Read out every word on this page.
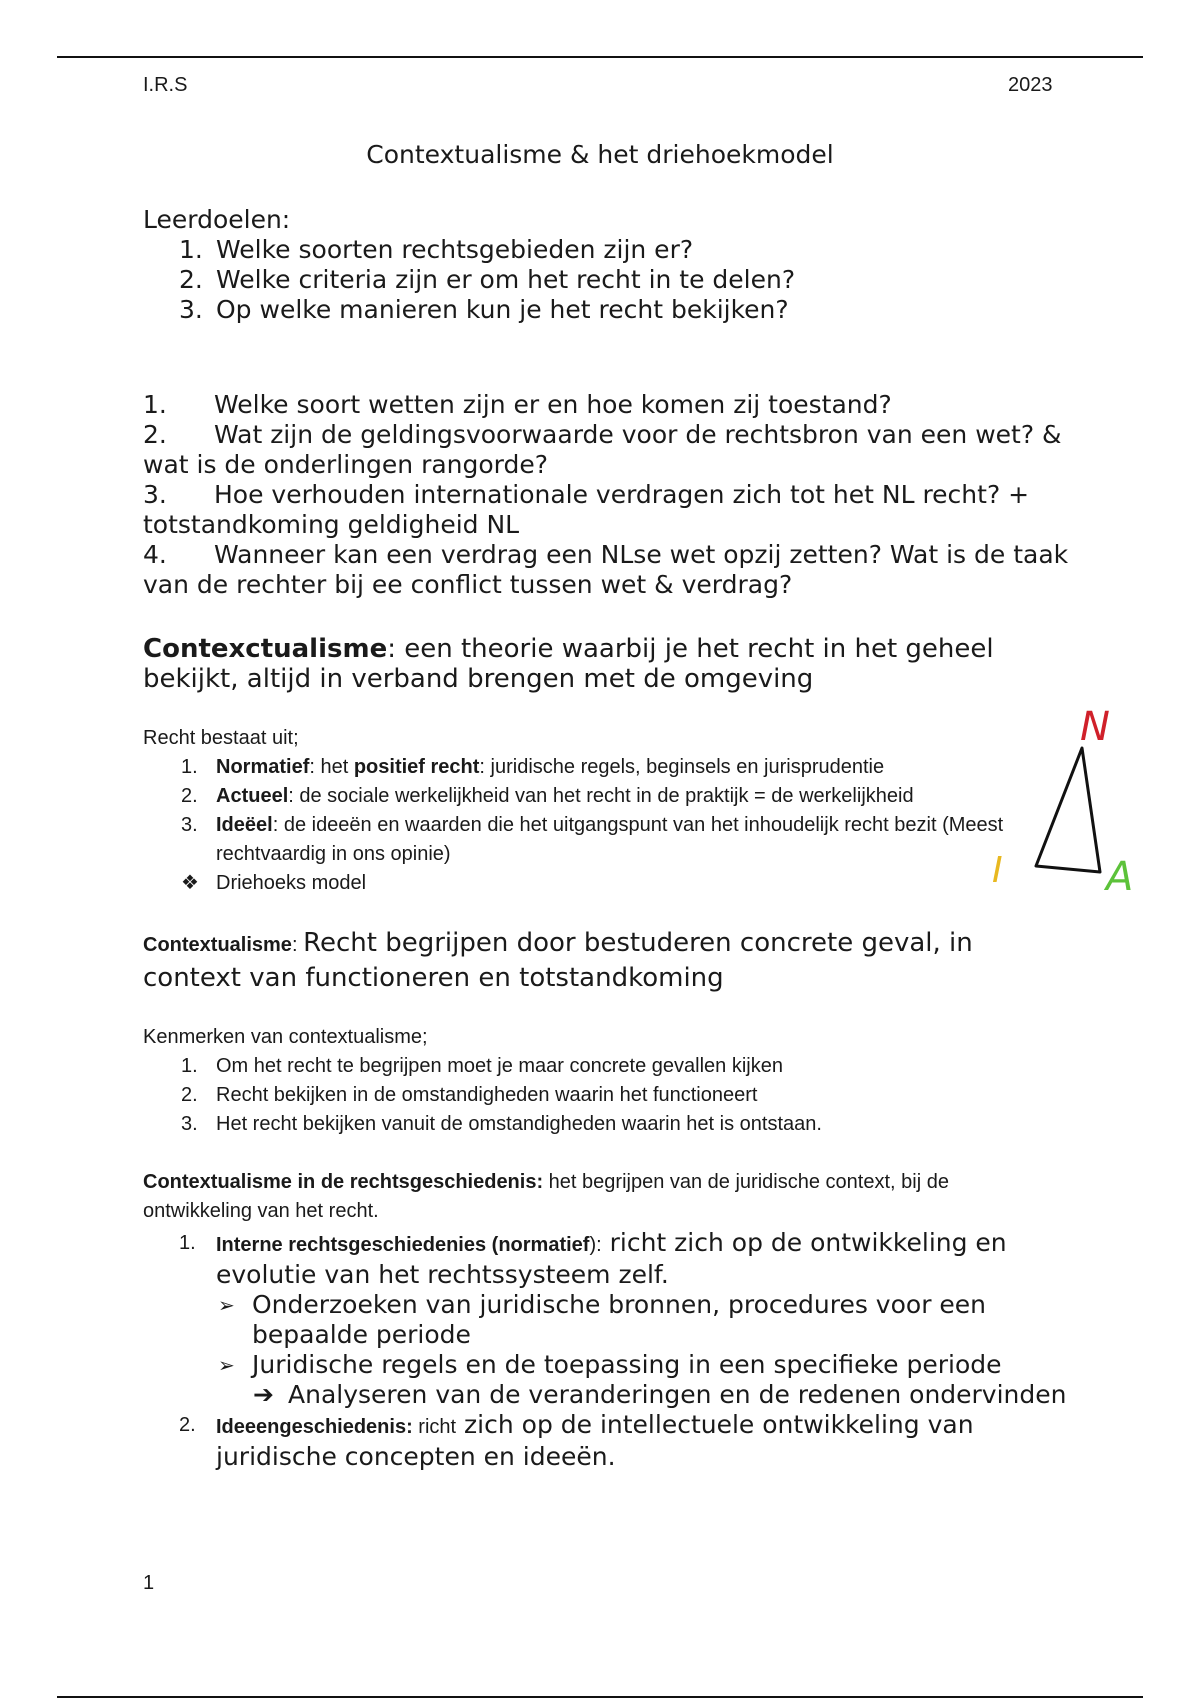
I.R.S	2023
Contextualisme & het driehoekmodel
Leerdoelen:
1. Welke soorten rechtsgebieden zijn er?
2. Welke criteria zijn er om het recht in te delen?
3. Op welke manieren kun je het recht bekijken?
1. Welke soort wetten zijn er en hoe komen zij toestand?
2. Wat zijn de geldingsvoorwaarde voor de rechtsbron van een wet? & wat is de onderlingen rangorde?
3. Hoe verhouden internationale verdragen zich tot het NL recht? + totstandkoming geldigheid NL
4. Wanneer kan een verdrag een NLse wet opzij zetten? Wat is de taak van de rechter bij ee conflict tussen wet & verdrag?
Contexctualisme: een theorie waarbij je het recht in het geheel bekijkt, altijd in verband brengen met de omgeving
Recht bestaat uit;
1. Normatief: het positief recht: juridische regels, beginsels en jurisprudentie
2. Actueel: de sociale werkelijkheid van het recht in de praktijk = de werkelijkheid
3. Ideëel: de ideeën en waarden die het uitgangspunt van het inhoudelijk recht bezit (Meest rechtvaardig in ons opinie)
❖ Driehoeks model
N
I	A
Contextualisme: Recht begrijpen door bestuderen concrete geval, in context van functioneren en totstandkoming
Kenmerken van contextualisme;
1. Om het recht te begrijpen moet je maar concrete gevallen kijken
2. Recht bekijken in de omstandigheden waarin het functioneert
3. Het recht bekijken vanuit de omstandigheden waarin het is ontstaan.
Contextualisme in de rechtsgeschiedenis: het begrijpen van de juridische context, bij de ontwikkeling van het recht.
1. Interne rechtsgeschiedenies (normatief): richt zich op de ontwikkeling en evolutie van het rechtssysteem zelf.
➢ Onderzoeken van juridische bronnen, procedures voor een bepaalde periode
➢ Juridische regels en de toepassing in een specifieke periode
➔ Analyseren van de veranderingen en de redenen ondervinden
2. Ideeengeschiedenis: richt zich op de intellectuele ontwikkeling van juridische concepten en ideeën.
1
